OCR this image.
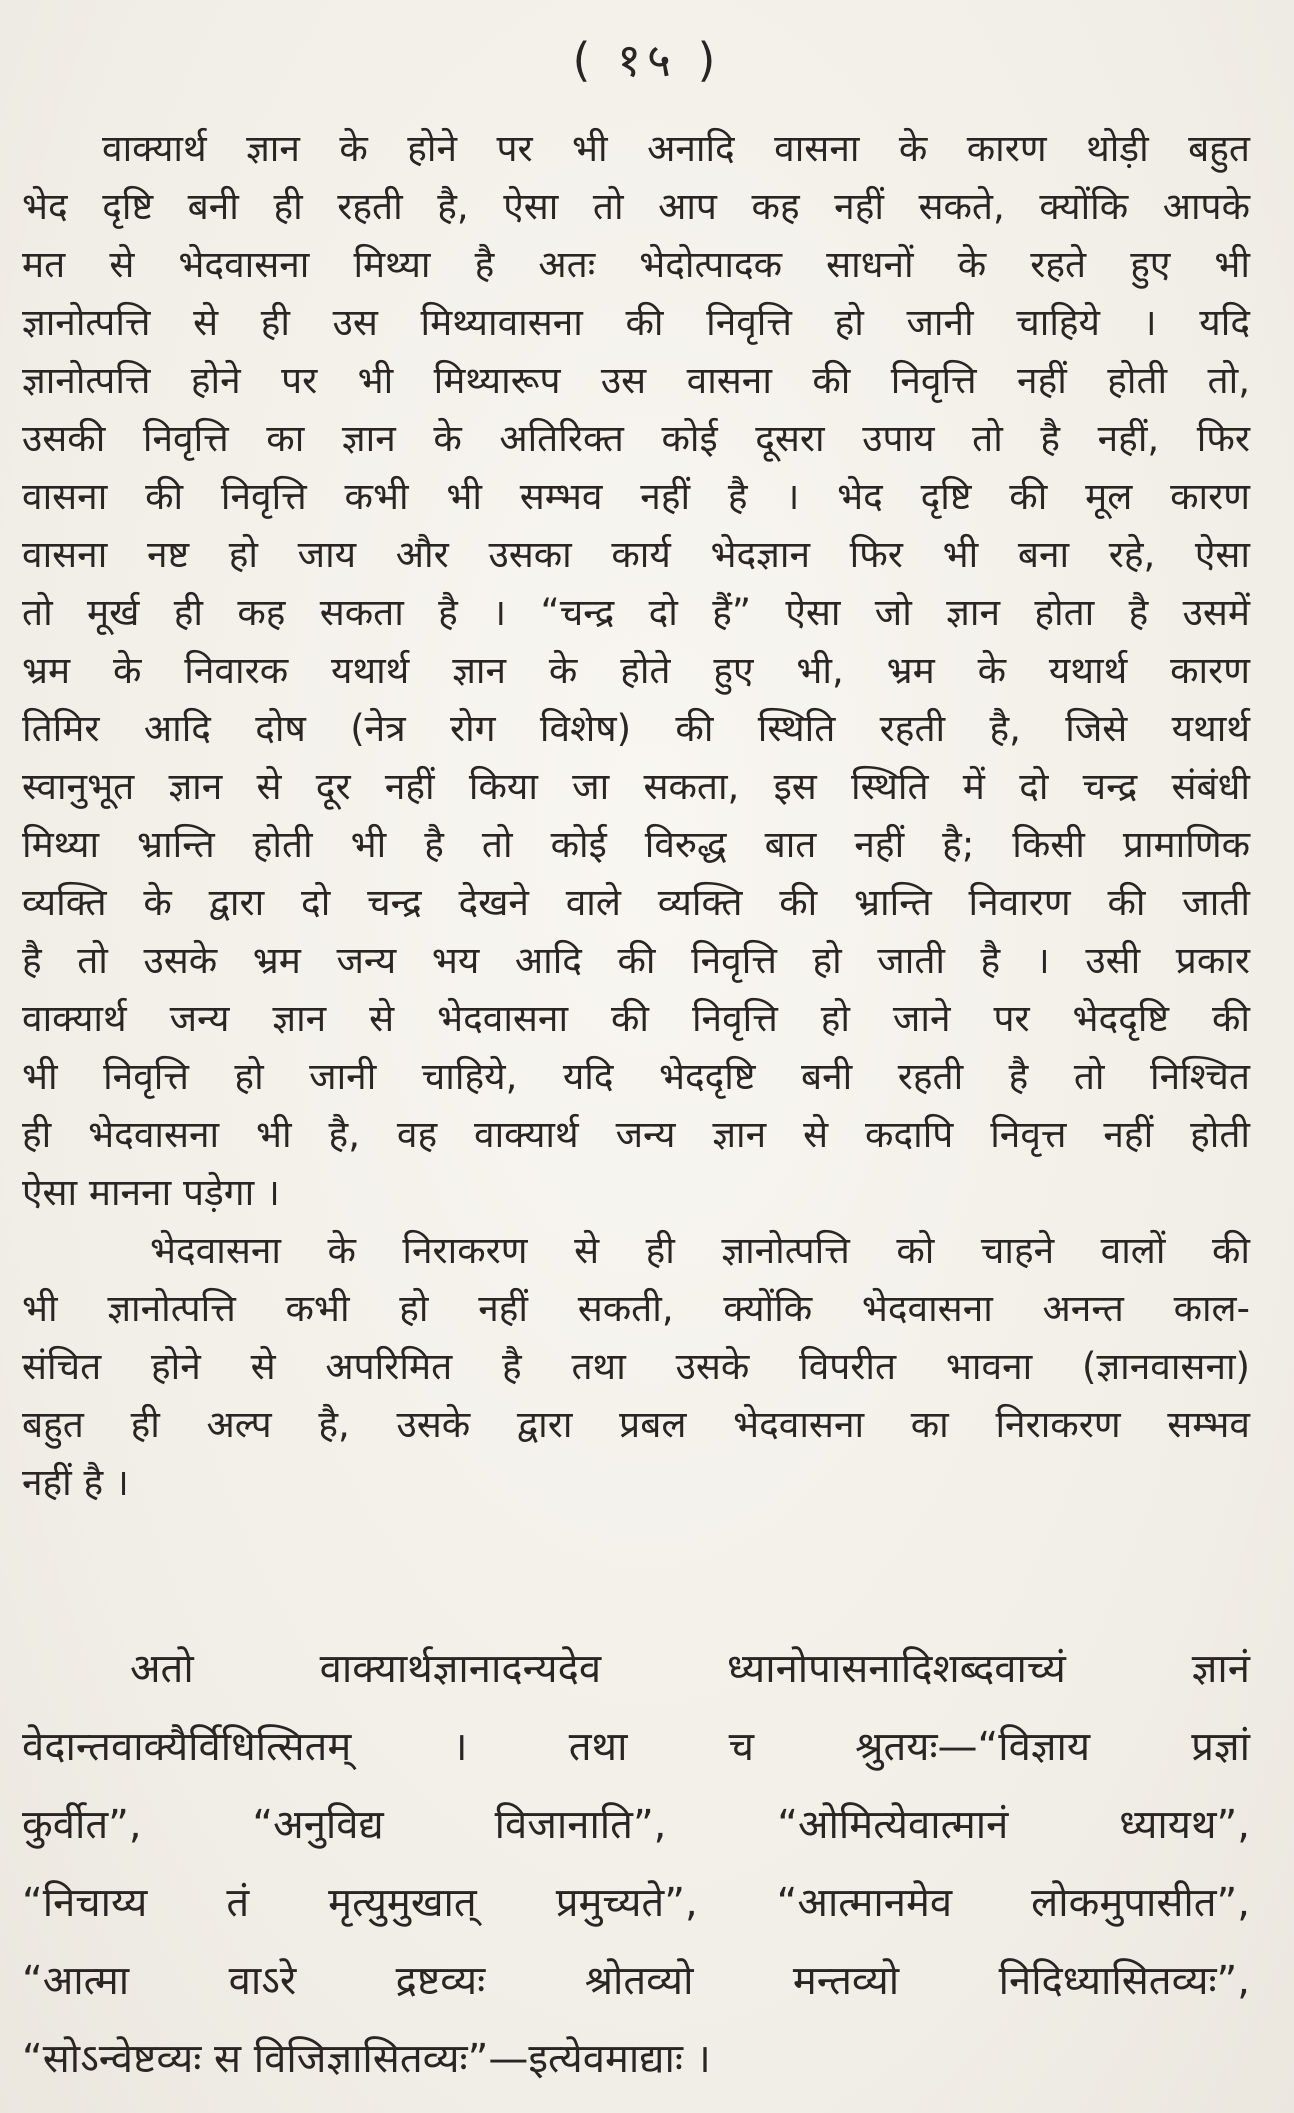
( १५ )
वाक्यार्थ ज्ञान के होने पर भी अनादि वासना के कारण थोड़ी बहुत
भेद दृष्टि बनी ही रहती है, ऐसा तो आप कह नहीं सकते, क्योंकि आपके
मत से भेदवासना मिथ्या है अतः भेदोत्पादक साधनों के रहते हुए भी
ज्ञानोत्पत्ति से ही उस मिथ्यावासना की निवृत्ति हो जानी चाहिये । यदि
ज्ञानोत्पत्ति होने पर भी मिथ्यारूप उस वासना की निवृत्ति नहीं होती तो,
उसकी निवृत्ति का ज्ञान के अतिरिक्त कोई दूसरा उपाय तो है नहीं, फिर
वासना की निवृत्ति कभी भी सम्भव नहीं है । भेद दृष्टि की मूल कारण
वासना नष्ट हो जाय और उसका कार्य भेदज्ञान फिर भी बना रहे, ऐसा
तो मूर्ख ही कह सकता है । “चन्द्र दो हैं” ऐसा जो ज्ञान होता है उसमें
भ्रम के निवारक यथार्थ ज्ञान के होते हुए भी, भ्रम के यथार्थ कारण
तिमिर आदि दोष (नेत्र रोग विशेष) की स्थिति रहती है, जिसे यथार्थ
स्वानुभूत ज्ञान से दूर नहीं किया जा सकता, इस स्थिति में दो चन्द्र संबंधी
मिथ्या भ्रान्ति होती भी है तो कोई विरुद्ध बात नहीं है; किसी प्रामाणिक
व्यक्ति के द्वारा दो चन्द्र देखने वाले व्यक्ति की भ्रान्ति निवारण की जाती
है तो उसके भ्रम जन्य भय आदि की निवृत्ति हो जाती है । उसी प्रकार
वाक्यार्थ जन्य ज्ञान से भेदवासना की निवृत्ति हो जाने पर भेददृष्टि की
भी निवृत्ति हो जानी चाहिये, यदि भेददृष्टि बनी रहती है तो निश्चित
ही भेदवासना भी है, वह वाक्यार्थ जन्य ज्ञान से कदापि निवृत्त नहीं होती
ऐसा मानना पड़ेगा ।
भेदवासना के निराकरण से ही ज्ञानोत्पत्ति को चाहने वालों की
भी ज्ञानोत्पत्ति कभी हो नहीं सकती, क्योंकि भेदवासना अनन्त काल-
संचित होने से अपरिमित है तथा उसके विपरीत भावना (ज्ञानवासना)
बहुत ही अल्प है, उसके द्वारा प्रबल भेदवासना का निराकरण सम्भव
नहीं है ।
अतो वाक्यार्थज्ञानादन्यदेव ध्यानोपासनादिशब्दवाच्यं ज्ञानं
वेदान्तवाक्यैर्विधित्सितम् । तथा च श्रुतयः—“विज्ञाय प्रज्ञां
कुर्वीत”, “अनुविद्य विजानाति”, “ओमित्येवात्मानं ध्यायथ”,
“निचाय्य तं मृत्युमुखात् प्रमुच्यते”, “आत्मानमेव लोकमुपासीत”,
“आत्मा वाऽरे द्रष्टव्यः श्रोतव्यो मन्तव्यो निदिध्यासितव्यः”,
“सोऽन्वेष्टव्यः स विजिज्ञासितव्यः”—इत्येवमाद्याः ।
